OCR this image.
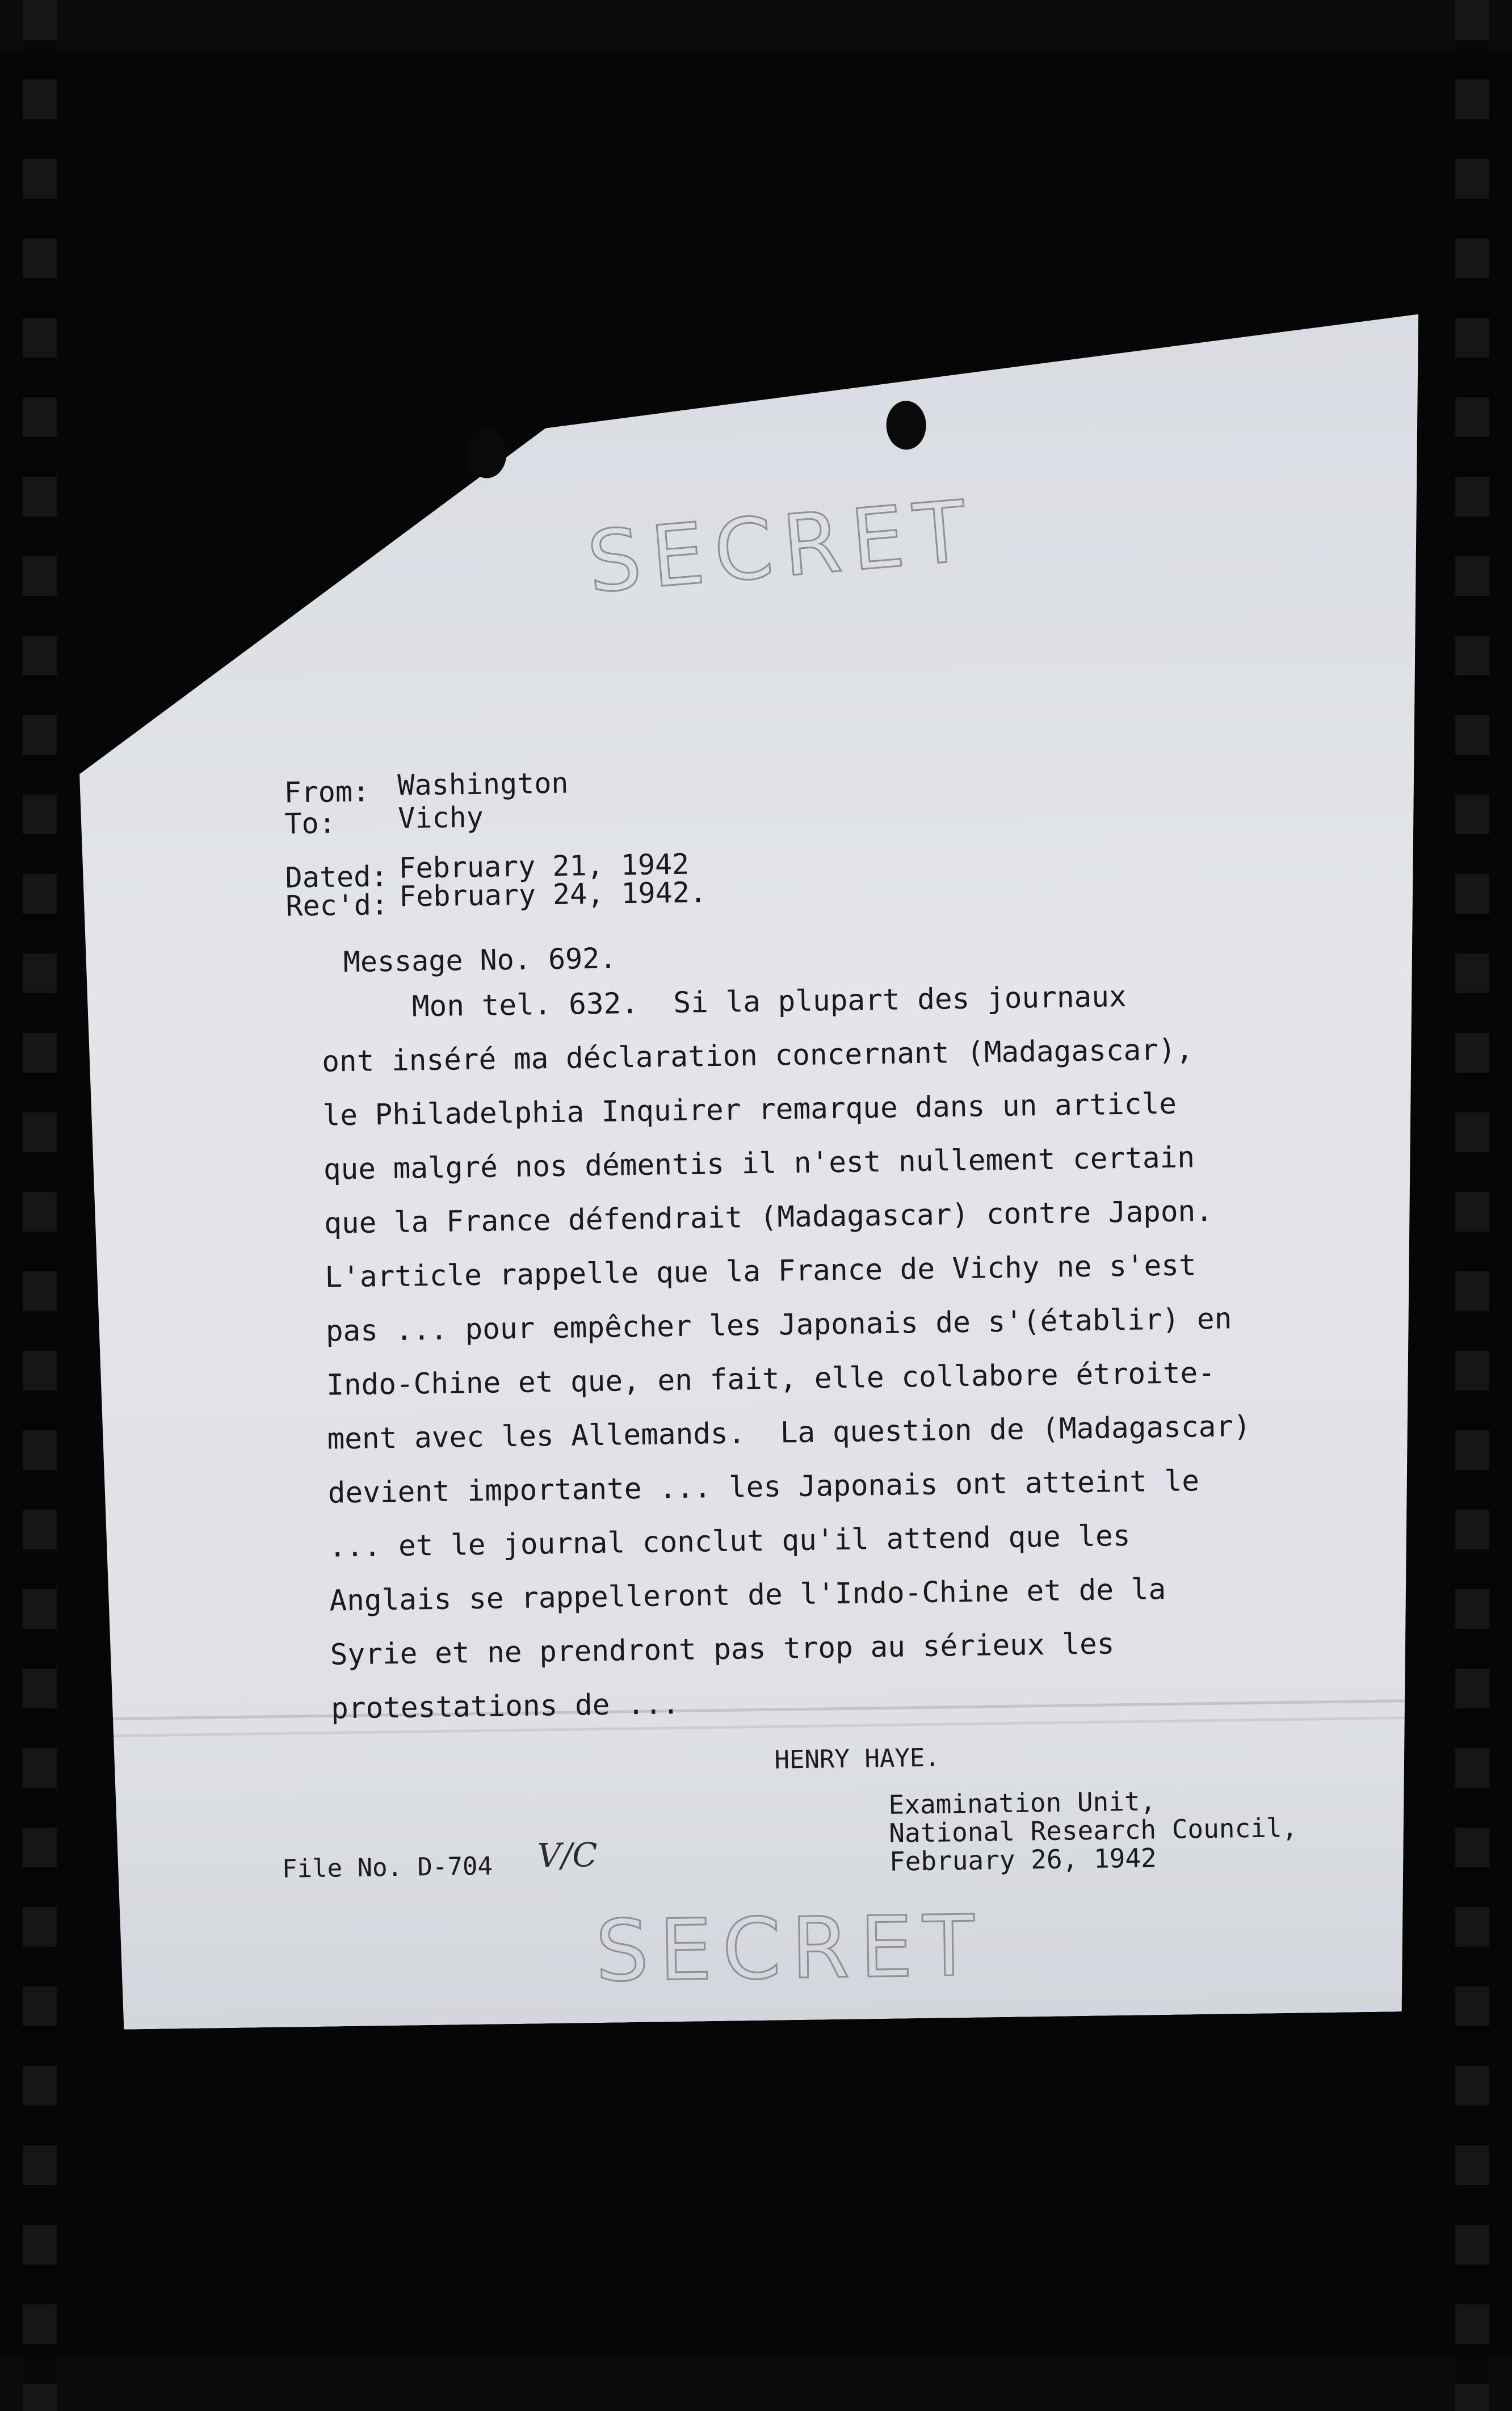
SECRET
From: Washington
To: Vichy
Dated: February 21, 1942
Rec'd: February 24, 1942.
Message No. 692.
Mon tel. 632.  Si la plupart des journaux
ont inséré ma déclaration concernant (Madagascar),
le Philadelphia Inquirer remarque dans un article
que malgré nos démentis il n'est nullement certain
que la France défendrait (Madagascar) contre Japon.
L'article rappelle que la France de Vichy ne s'est
pas ... pour empêcher les Japonais de s'(établir) en
Indo-Chine et que, en fait, elle collabore étroite-
ment avec les Allemands.  La question de (Madagascar)
devient importante ... les Japonais ont atteint le
... et le journal conclut qu'il attend que les
Anglais se rappelleront de l'Indo-Chine et de la
Syrie et ne prendront pas trop au sérieux les
protestations de ...
HENRY HAYE.
Examination Unit,
National Research Council,
February 26, 1942
File No. D-704 V/C
SECRET
